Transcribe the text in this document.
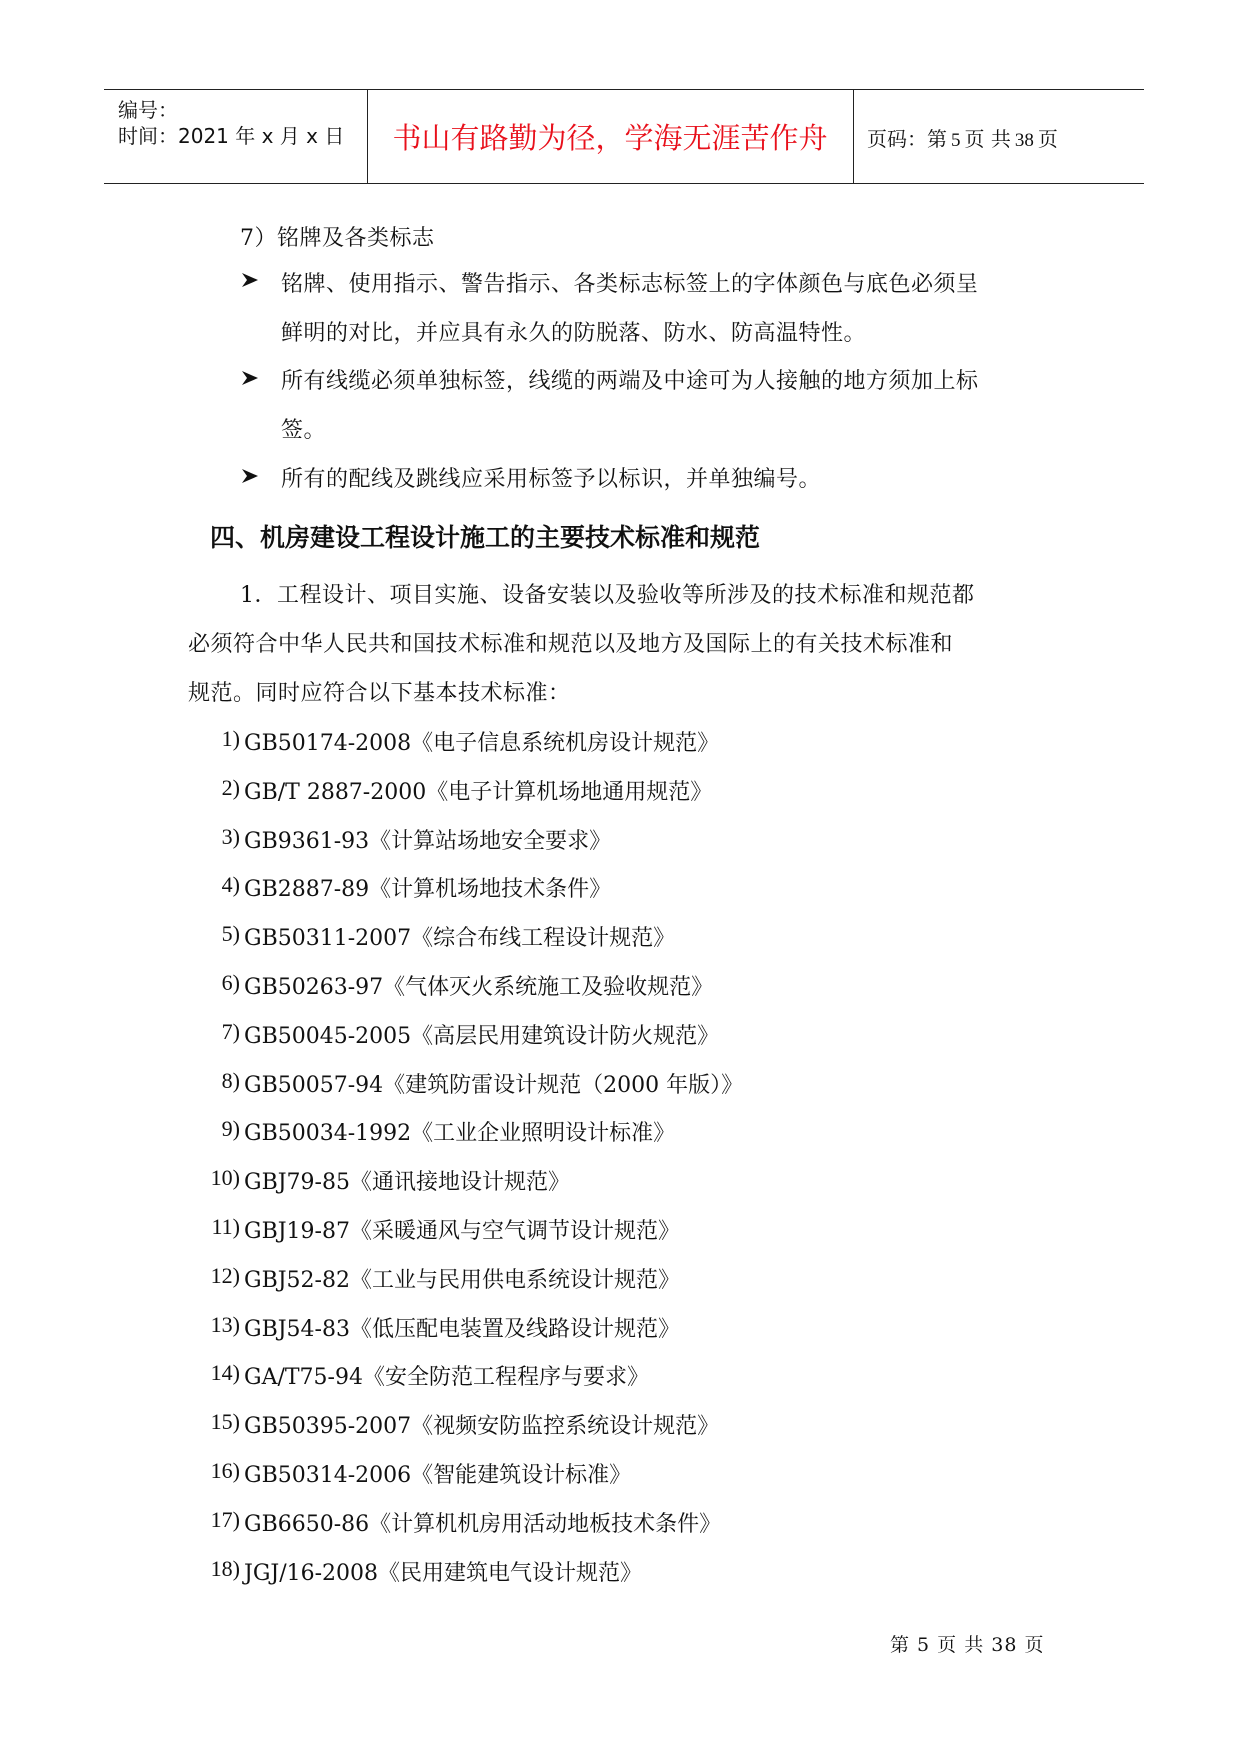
编号：
时间：2021 年 x 月 x 日	书山有路勤为径，学海无涯苦作舟	页码：第 5 页 共 38 页
7）铭牌及各类标志
铭牌、使用指示、警告指示、各类标志标签上的字体颜色与底色必须呈
鲜明的对比，并应具有永久的防脱落、防水、防高温特性。
所有线缆必须单独标签，线缆的两端及中途可为人接触的地方须加上标
签。
所有的配线及跳线应采用标签予以标识，并单独编号。
四、机房建设工程设计施工的主要技术标准和规范
1．工程设计、项目实施、设备安装以及验收等所涉及的技术标准和规范都
必须符合中华人民共和国技术标准和规范以及地方及国际上的有关技术标准和
规范。同时应符合以下基本技术标准：
1) GB50174-2008《电子信息系统机房设计规范》
2) GB/T 2887-2000《电子计算机场地通用规范》
3) GB9361-93《计算站场地安全要求》
4) GB2887-89《计算机场地技术条件》
5) GB50311-2007《综合布线工程设计规范》
6) GB50263-97《气体灭火系统施工及验收规范》
7) GB50045-2005《高层民用建筑设计防火规范》
8) GB50057-94《建筑防雷设计规范（2000 年版）》
9) GB50034-1992《工业企业照明设计标准》
10) GBJ79-85《通讯接地设计规范》
11) GBJ19-87《采暖通风与空气调节设计规范》
12) GBJ52-82《工业与民用供电系统设计规范》
13) GBJ54-83《低压配电装置及线路设计规范》
14) GA/T75-94《安全防范工程程序与要求》
15) GB50395-2007《视频安防监控系统设计规范》
16) GB50314-2006《智能建筑设计标准》
17) GB6650-86《计算机机房用活动地板技术条件》
18) JGJ/16-2008《民用建筑电气设计规范》
第 5 页 共 38 页
